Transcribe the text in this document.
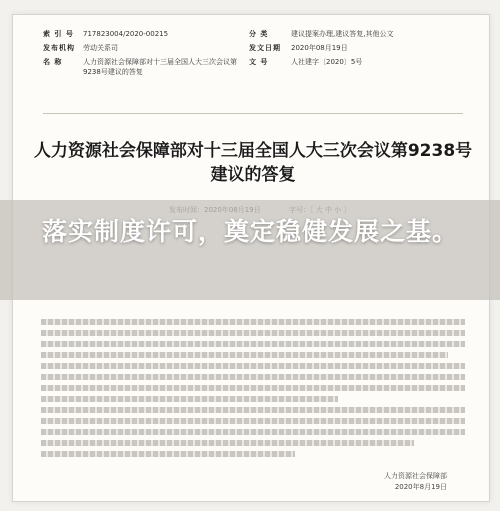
索 引 号	717823004/2020-00215	分 类	建议提案办理,建议答复,其他公文
发布机构	劳动关系司	发文日期	2020年08月19日
名 称	人力资源社会保障部对十三届全国人大三次会议第9238号建议的答复
文 号	人社建字〔2020〕5号
人力资源社会保障部对十三届全国人大三次会议第9238号建议的答复
人力资源社会保障部
2020年8月19日
落实制度许可，奠定稳健发展之基。
